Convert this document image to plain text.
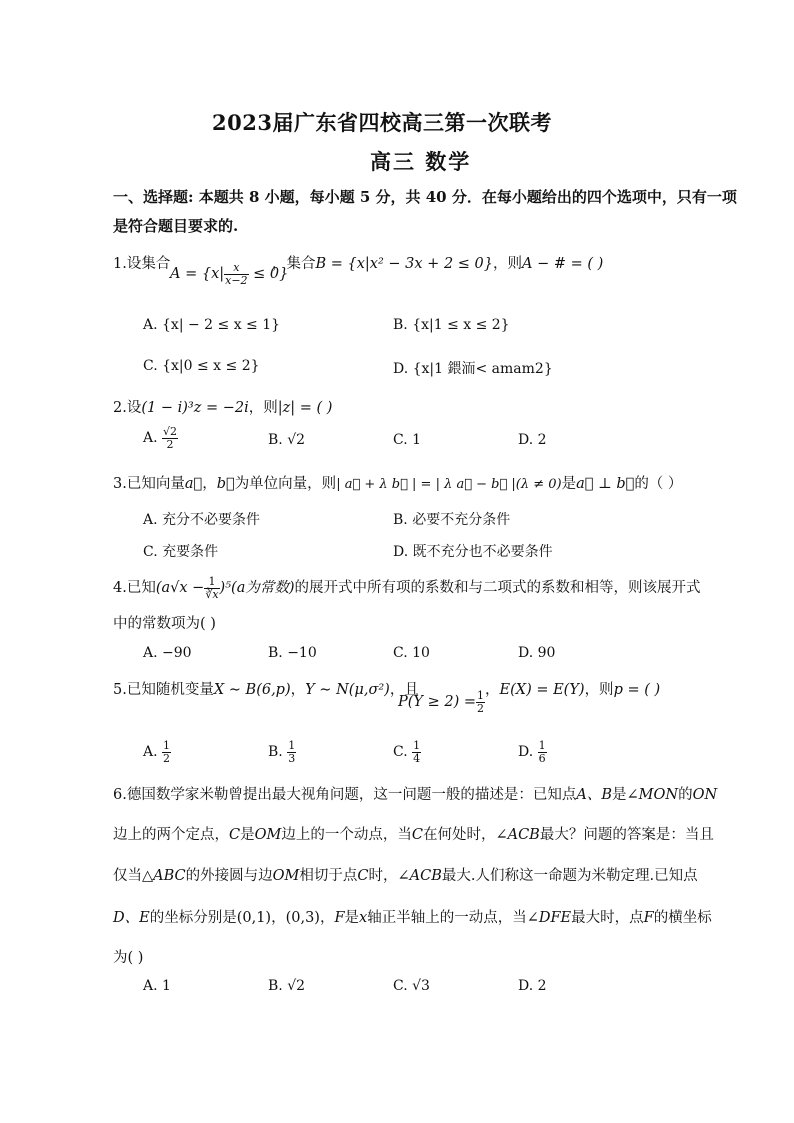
2023届广东省四校高三第一次联考
高三 数学
一、选择题: 本题共 8 小题，每小题 5 分，共 40 分．在每小题给出的四个选项中，只有一项
是符合题目要求的.
1.设集合
$A = \{x| \frac{x}{x-2} \le 0\}$
，集合B = {x|x² − 3x + 2 ≤ 0}，则A − # = ( )
A. {x| − 2 ≤ x ≤ 1}	B. {x|1 ≤ x ≤ 2}
C. {x|0 ≤ x ≤ 2}	D. {x|1 鍡洏< amam2}
2.设(1 − i)³z = −2i，则|z| = ( )
A. $\frac{√2}{2}$	B. √2	C. 1	D. 2
3.已知向量a⃗，b⃗为单位向量，则| a⃗ + λ b⃗ | = | λ a⃗ − b⃗ |(λ ≠ 0)是a⃗ ⊥ b⃗的（ ）
A. 充分不必要条件	B. 必要不充分条件
C. 充要条件	D. 既不充分也不必要条件
4.已知$(a√x - \frac{1}{∛x} )^5(a$为常数)的展开式中所有项的系数和与二项式的系数和相等，则该展开式
中的常数项为( )
A. −90	B. −10	C. 10	D. 90
5.已知随机变量X ∼ B(6,p)，Y ∼ N(μ,σ²)，且
$P(Y \ge 2) = \frac{1}{2}$ ，E(X) = E(Y)，则p = ( )
A. $\frac{1}{2}$	B. $\frac{1}{3}$	C. $\frac{1}{4}$	D. $\frac{1}{6}$
6.德国数学家米勒曾提出最大视角问题，这一问题一般的描述是：已知点A、B是∠MON的ON
边上的两个定点，C是OM边上的一个动点，当C在何处时，∠ACB最大？问题的答案是：当且
仅当△ABC的外接圆与边OM相切于点C时，∠ACB最大.人们称这一命题为米勒定理.已知点
D、E的坐标分别是(0,1)，(0,3)，F是x轴正半轴上的一动点，当∠DFE最大时，点F的横坐标
为( )
A. 1	B. √2	C. √3	D. 2
